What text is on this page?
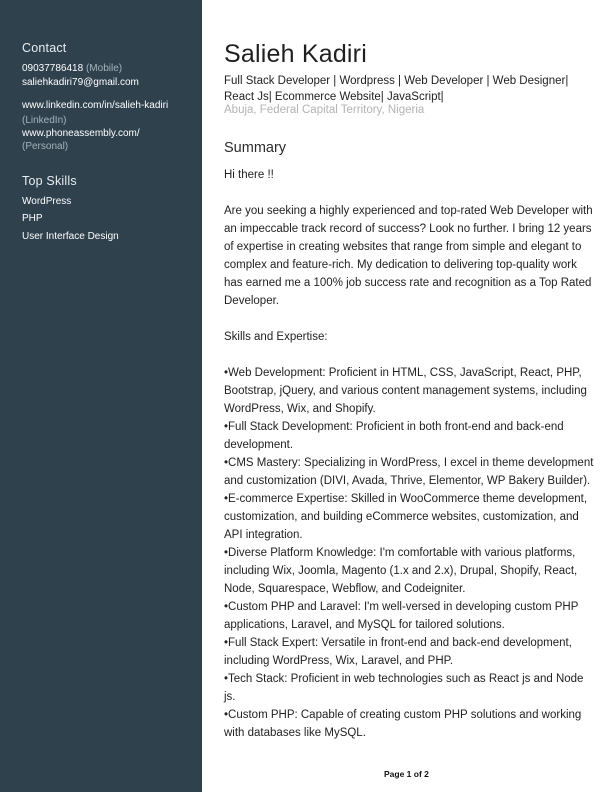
Contact
09037786418 (Mobile)
saliehkadiri79@gmail.com
www.linkedin.com/in/salieh-kadiri
(LinkedIn)
www.phoneassembly.com/
(Personal)
Top Skills
WordPress
PHP
User Interface Design
Salieh Kadiri
Full Stack Developer | Wordpress | Web Developer | Web Designer| React Js| Ecommerce Website| JavaScript|
Abuja, Federal Capital Territory, Nigeria
Summary

Hi there !!

Are you seeking a highly experienced and top-rated Web Developer with an impeccable track record of success? Look no further. I bring 12 years of expertise in creating websites that range from simple and elegant to complex and feature-rich. My dedication to delivering top-quality work has earned me a 100% job success rate and recognition as a Top Rated Developer.

Skills and Expertise:

•Web Development: Proficient in HTML, CSS, JavaScript, React, PHP, Bootstrap, jQuery, and various content management systems, including WordPress, Wix, and Shopify.

•Full Stack Development: Proficient in both front-end and back-end development.

•CMS Mastery: Specializing in WordPress, I excel in theme development and customization (DIVI, Avada, Thrive, Elementor, WP Bakery Builder).

•E-commerce Expertise: Skilled in WooCommerce theme development, customization, and building eCommerce websites, customization, and API integration.

•Diverse Platform Knowledge: I'm comfortable with various platforms, including Wix, Joomla, Magento (1.x and 2.x), Drupal, Shopify, React, Node, Squarespace, Webflow, and Codeigniter.

•Custom PHP and Laravel: I'm well-versed in developing custom PHP applications, Laravel, and MySQL for tailored solutions.

•Full Stack Expert: Versatile in front-end and back-end development, including WordPress, Wix, Laravel, and PHP.

•Tech Stack: Proficient in web technologies such as React js and Node js.

•Custom PHP: Capable of creating custom PHP solutions and working with databases like MySQL.

Page 1 of 2
